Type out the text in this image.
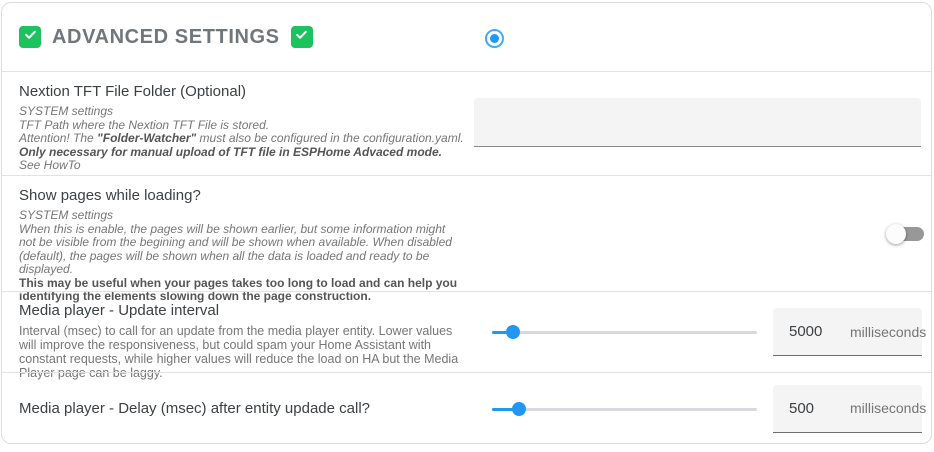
ADVANCED SETTINGS
Nextion TFT File Folder (Optional)
SYSTEM settings
TFT Path where the Nextion TFT File is stored.
Attention! The "Folder-Watcher" must also be configured in the configuration.yaml.
Only necessary for manual upload of TFT file in ESPHome Advaced mode.
See HowTo
Show pages while loading?
SYSTEM settings
When this is enable, the pages will be shown earlier, but some information might not be visible from the begining and will be shown when available. When disabled (default), the pages will be shown when all the data is loaded and ready to be displayed.
This may be useful when your pages takes too long to load and can help you identifying the elements slowing down the page construction.
Media player - Update interval
Interval (msec) to call for an update from the media player entity. Lower values will improve the responsiveness, but could spam your Home Assistant with constant requests, while higher values will reduce the load on HA but the Media Player page can be laggy.
5000
milliseconds
Media player - Delay (msec) after entity updade call?
500	milliseconds
